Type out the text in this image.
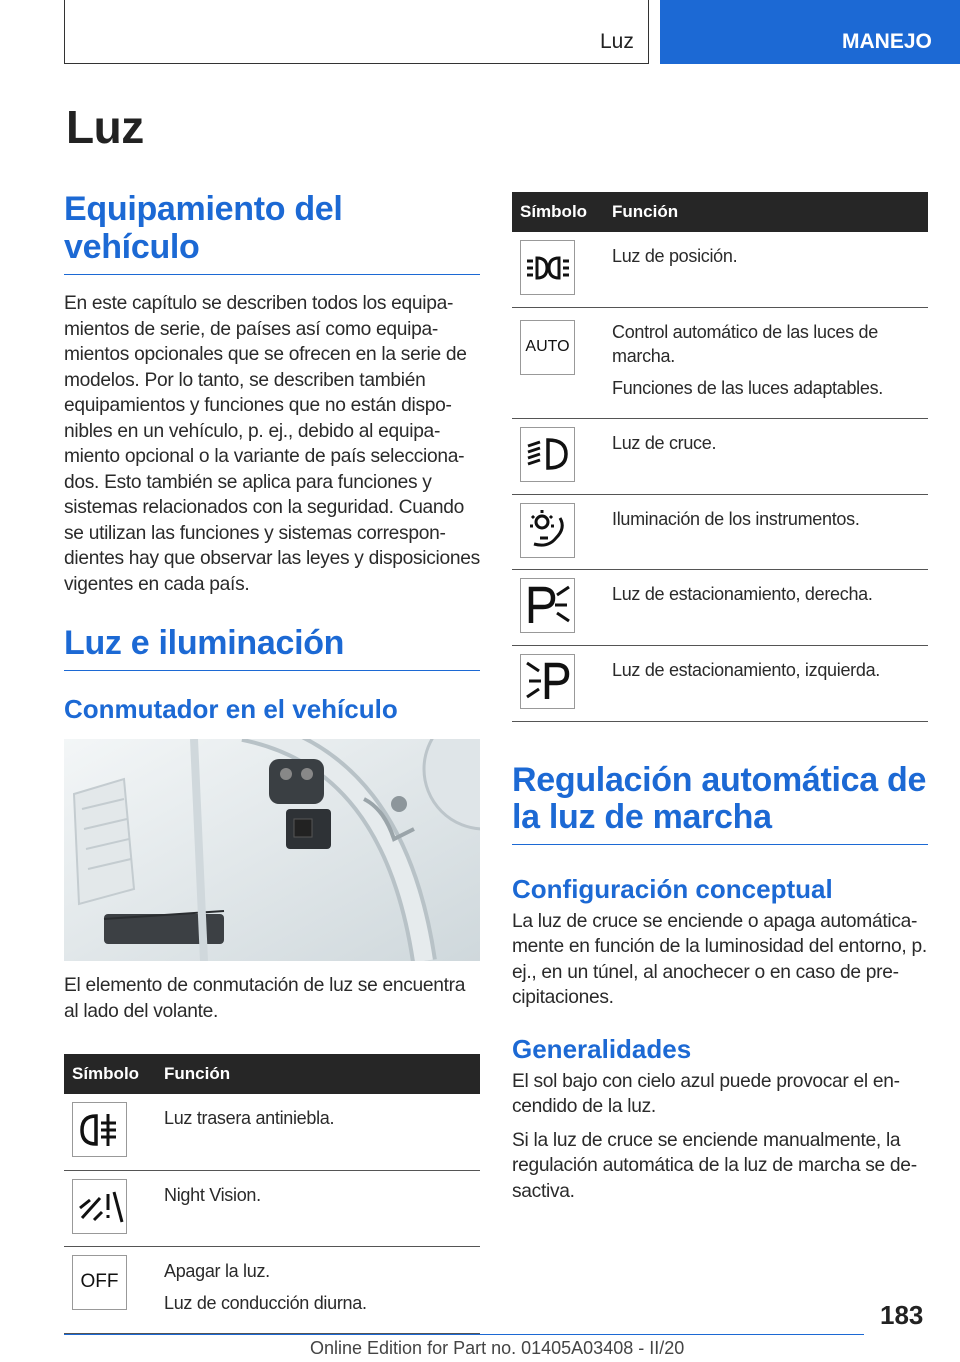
Luz	MANEJO
Luz
Equipamiento del vehículo

En este capítulo se describen todos los equipamientos de serie, de países así como equipamientos opcionales que se ofrecen en la serie de modelos. Por lo tanto, se describen también equipamientos y funciones que no están disponibles en un vehículo, p. ej., debido al equipamiento opcional o la variante de país seleccionados. Esto también se aplica para funciones y sistemas relacionados con la seguridad. Cuando se utilizan las funciones y sistemas correspondientes hay que observar las leyes y disposiciones vigentes en cada país.

Luz e iluminación
Conmutador en el vehículo

El elemento de conmutación de luz se encuentra al lado del volante.

Símbolo	Función

Luz trasera antiniebla.

Night Vision.

OFF	Apagar la luz.

Luz de conducción diurna.

Símbolo	Función

Luz de posición.

AUTO	Control automático de las luces de marcha.

Funciones de las luces adaptables.

Luz de cruce.

Iluminación de los instrumentos.

Luz de estacionamiento, derecha.

Luz de estacionamiento, izquierda.

Regulación automática de la luz de marcha
Configuración conceptual

La luz de cruce se enciende o apaga automáticamente en función de la luminosidad del entorno, p. ej., en un túnel, al anochecer o en caso de precipitaciones.

Generalidades

El sol bajo con cielo azul puede provocar el encendido de la luz.

Si la luz de cruce se enciende manualmente, la regulación automática de la luz de marcha se desactiva.

183
Online Edition for Part no. 01405A03408 - II/20
